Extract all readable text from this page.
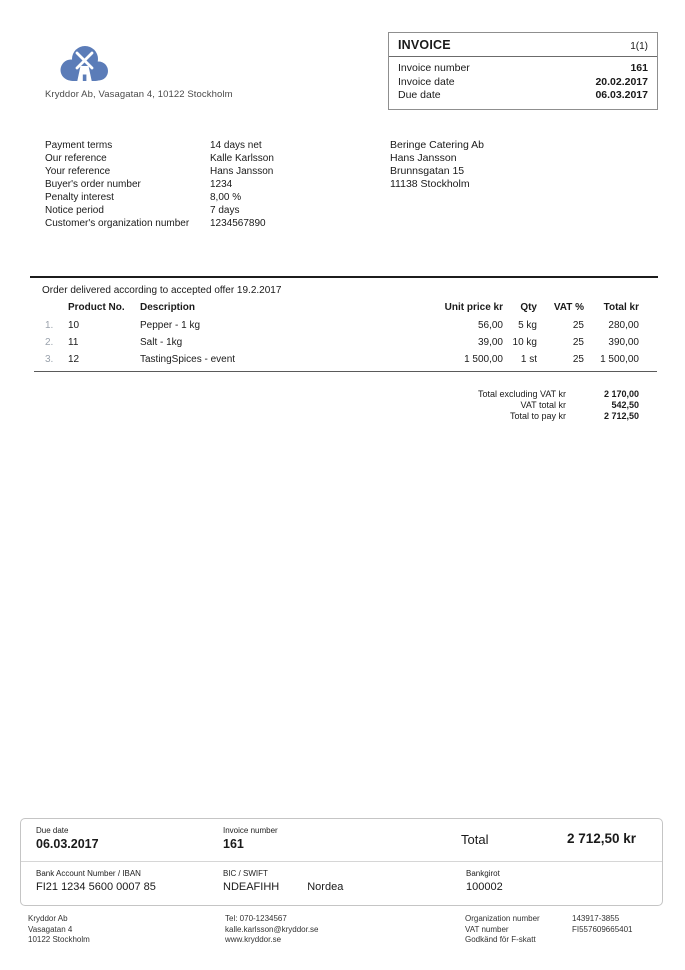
Kryddor Ab, Vasagatan 4, 10122 Stockholm
INVOICE	1(1)
Invoice number	161
Invoice date	20.02.2017
Due date	06.03.2017
Payment terms	14 days net
Our reference	Kalle Karlsson
Your reference	Hans Jansson
Buyer's order number	1234
Penalty interest	8,00 %
Notice period	7 days
Customer's organization number 1234567890
Beringe Catering Ab
Hans Jansson
Brunnsgatan 15
11138 Stockholm
Order delivered according to accepted offer 19.2.2017
Product No. Description	Unit price kr	Qty	VAT %	Total kr
1. 10	Pepper - 1 kg	56,00	5 kg	25	280,00
2. 11	Salt - 1kg	39,00 10 kg	25	390,00
3. 12	TastingSpices - event	1 500,00	1 st	25	1 500,00
Total excluding VAT kr	2 170,00
VAT total kr	542,50
Total to pay kr	2 712,50
Due date
06.03.2017
Invoice number
161	Total	2 712,50 kr
Bank Account Number / IBAN
FI21 1234 5600 0007 85
BIC / SWIFT
NDEAFIHH	Nordea
Bankgirot
100002
Kryddor Ab
Vasagatan 4
10122 Stockholm
Tel: 070-1234567
kalle.karlsson@kryddor.se
www.kryddor.se
Organization number	143917-3855
VAT number	FI557609665401
Godkänd för F-skatt
